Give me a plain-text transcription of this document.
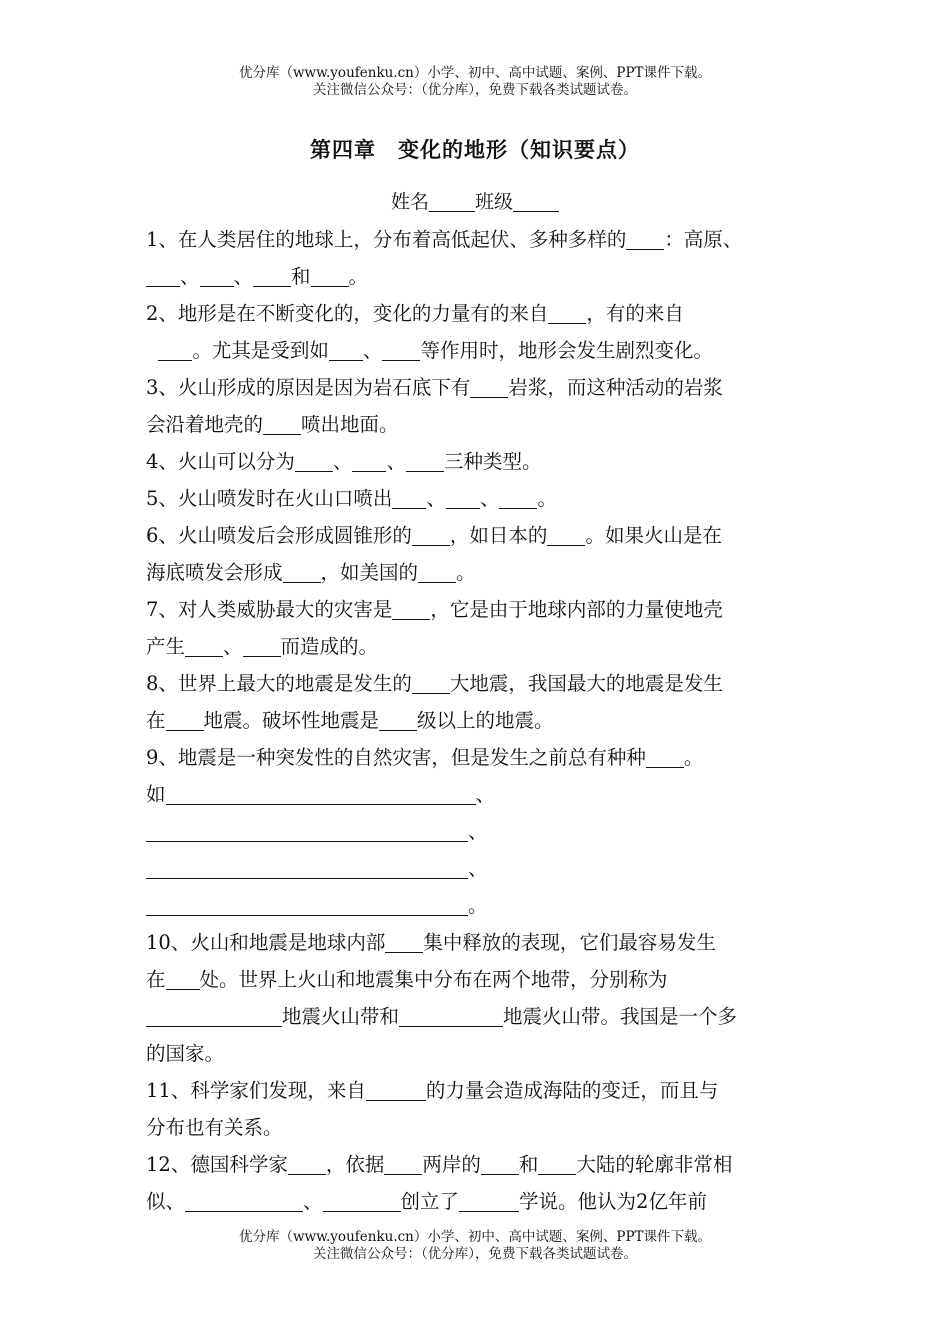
优分库（www.youfenku.cn）小学、初中、高中试题、案例、PPT课件下载。
关注微信公众号：（优分库），免费下载各类试题试卷。
第四章　变化的地形（知识要点）
姓名 班级
1、在人类居住的地球上，分布着高低起伏、多种多样的 ：高原、
、 、 和 。
2、地形是在不断变化的，变化的力量有的来自 ，有的来自
。尤其是受到如 、 等作用时，地形会发生剧烈变化。
3、火山形成的原因是因为岩石底下有 岩浆，而这种活动的岩浆
会沿着地壳的 喷出地面。
4、火山可以分为 、 、 三种类型。
5、火山喷发时在火山口喷出 、 、 。
6、火山喷发后会形成圆锥形的 ，如日本的 。如果火山是在
海底喷发会形成 ，如美国的 。
7、对人类威胁最大的灾害是 ，它是由于地球内部的力量使地壳
产生 、 而造成的。
8、世界上最大的地震是发生的 大地震，我国最大的地震是发生
在 地震。破坏性地震是 级以上的地震。
9、地震是一种突发性的自然灾害，但是发生之前总有种种 。
如	、
、
、
。
10、火山和地震是地球内部 集中释放的表现，它们最容易发生
在 处。世界上火山和地震集中分布在两个地带，分别称为
地震火山带和	地震火山带。我国是一个多
的国家。
11、科学家们发现，来自	的力量会造成海陆的变迁，而且与
分布也有关系。
12、德国科学家 ，依据 两岸的 和 大陆的轮廓非常相
似、	、	创立了	学说。他认为2亿年前
优分库（www.youfenku.cn）小学、初中、高中试题、案例、PPT课件下载。
关注微信公众号：（优分库），免费下载各类试题试卷。
